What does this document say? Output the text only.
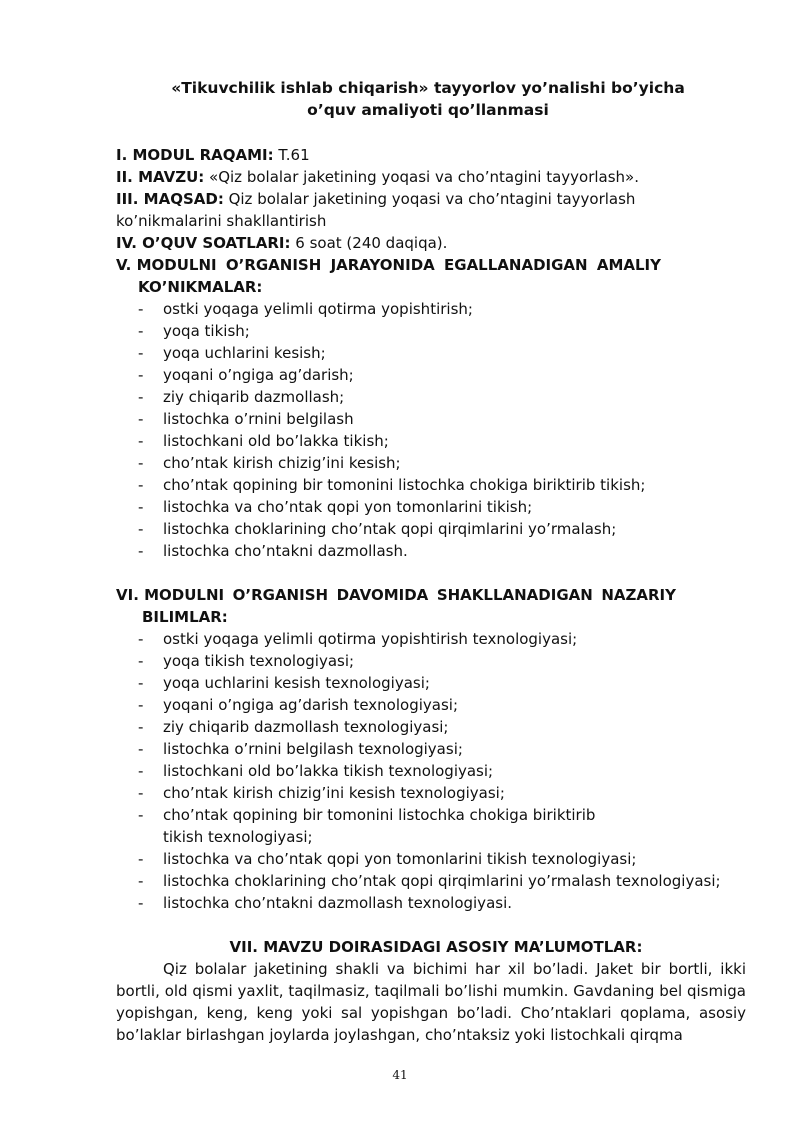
«Tikuvchilik ishlab chiqarish» tayyorlov yo’nalishi bo’yicha
o’quv amaliyoti qo’llanmasi

I. MODUL RAQAMI: T.61

II. MAVZU: «Qiz bolalar jaketining yoqasi va cho’ntagini tayyorlash».

III. MAQSAD: Qiz bolalar jaketining yoqasi va cho’ntagini tayyorlash ko’nikmalarini shakllantirish

IV. O’QUV SOATLARI: 6 soat (240 daqiqa).

V. MODULNI O’RGANISH JARAYONIDA EGALLANADIGAN AMALIY

KO’NIKMALAR:

- ostki yoqaga yelimli qotirma yopishtirish;
- yoqa tikish;
- yoqa uchlarini kesish;
- yoqani o’ngiga ag’darish;
- ziy chiqarib dazmollash;
- listochka o’rnini belgilash
- listochkani old bo’lakka tikish;
- cho’ntak kirish chizig’ini kesish;
- cho’ntak qopining bir tomonini listochka chokiga biriktirib tikish;
- listochka va cho’ntak qopi yon tomonlarini tikish;
- listochka choklarining cho’ntak qopi qirqimlarini yo’rmalash;
- listochka cho’ntakni dazmollash.
VI. MODULNI O’RGANISH DAVOMIDA SHAKLLANADIGAN NAZARIY

BILIMLAR:

- ostki yoqaga yelimli qotirma yopishtirish texnologiyasi;
- yoqa tikish texnologiyasi;
- yoqa uchlarini kesish texnologiyasi;
- yoqani o’ngiga ag’darish texnologiyasi;
- ziy chiqarib dazmollash texnologiyasi;
- listochka o’rnini belgilash texnologiyasi;
- listochkani old bo’lakka tikish texnologiyasi;
- cho’ntak kirish chizig’ini kesish texnologiyasi;
- cho’ntak qopining bir tomonini listochka chokiga biriktirib tikish texnologiyasi;
- listochka va cho’ntak qopi yon tomonlarini tikish texnologiyasi;
- listochka choklarining cho’ntak qopi qirqimlarini yo’rmalash texnologiyasi;
- listochka cho’ntakni dazmollash texnologiyasi.

VII. MAVZU DOIRASIDAGI ASOSIY MA’LUMOTLAR:

Qiz bolalar jaketining shakli va bichimi har xil bo’ladi. Jaket bir bortli, ikki bortli, old qismi yaxlit, taqilmasiz, taqilmali bo’lishi mumkin. Gavdaning bel qismiga yopishgan, keng, keng yoki sal yopishgan bo’ladi. Cho’ntaklari qoplama, asosiy bo’laklar birlashgan joylarda joylashgan, cho’ntaksiz yoki listochkali qirqma

41
